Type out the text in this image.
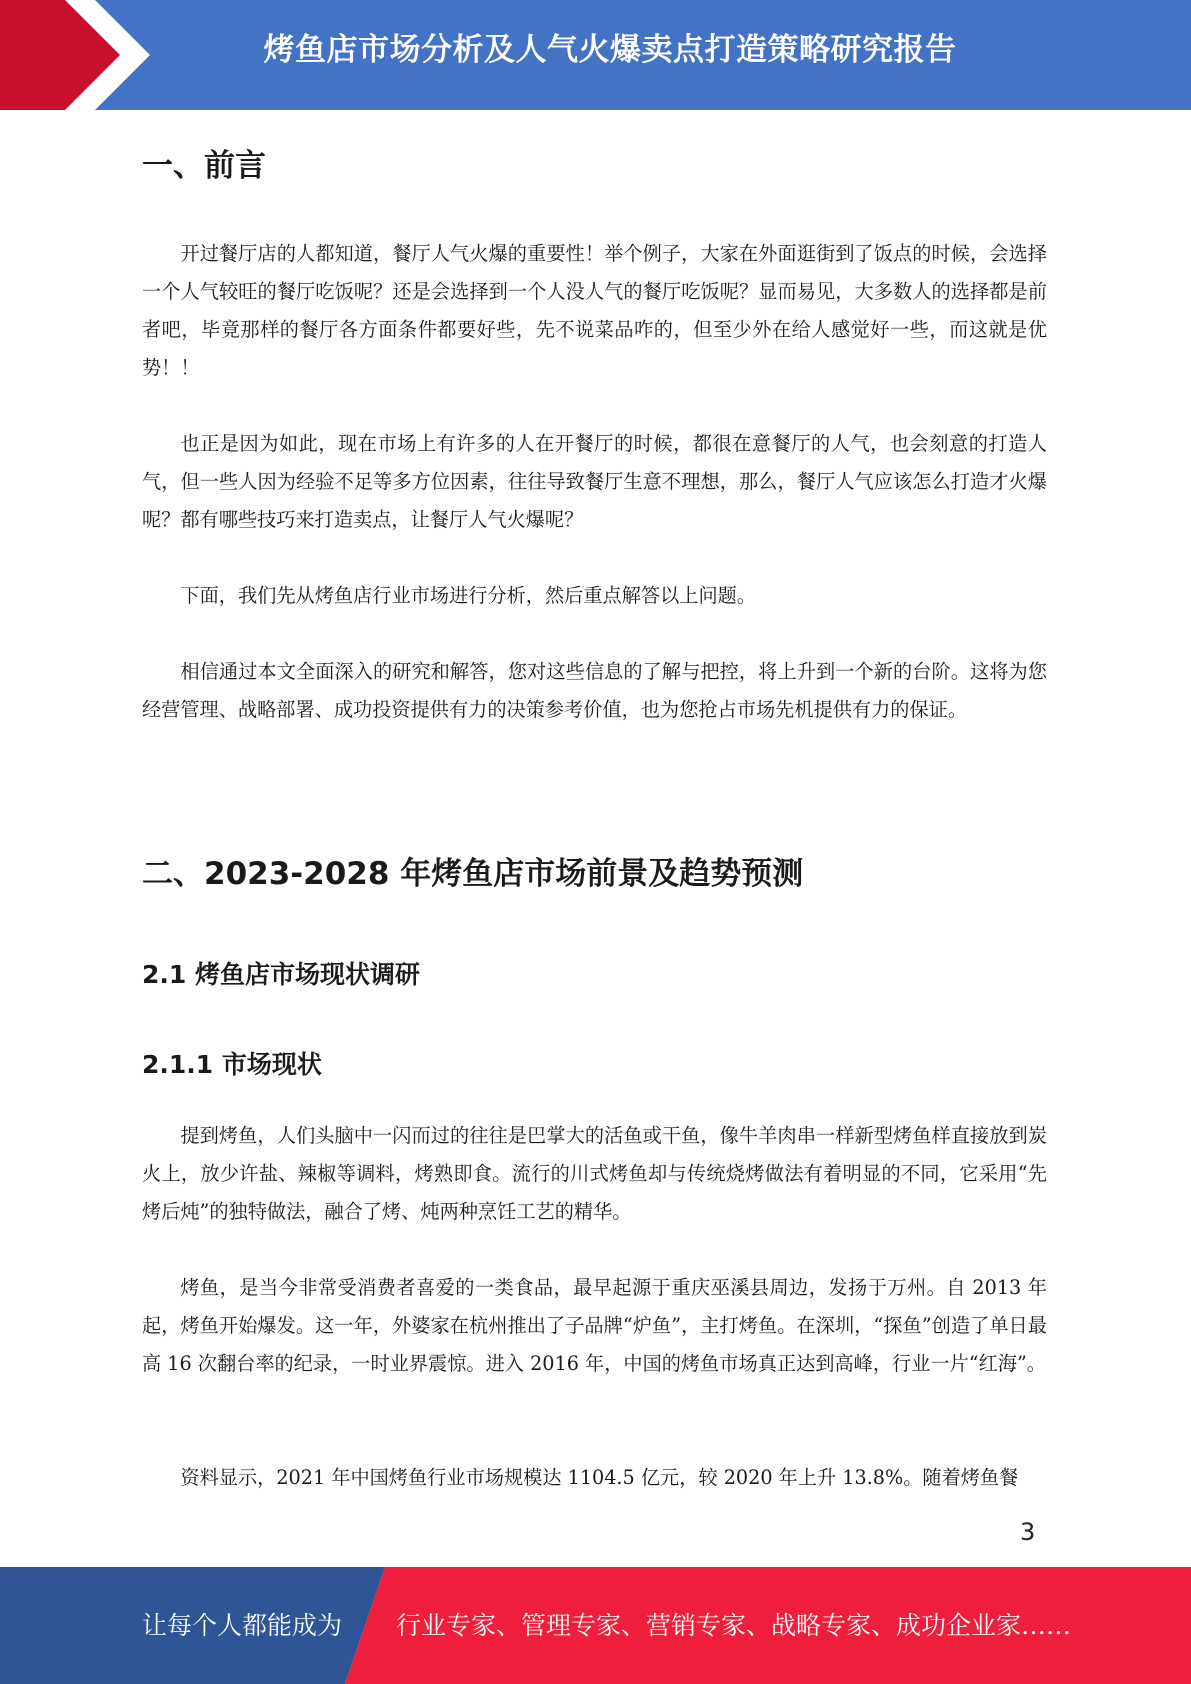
烤鱼店市场分析及人气火爆卖点打造策略研究报告
一、前言

开过餐厅店的人都知道，餐厅人气火爆的重要性！举个例子，大家在外面逛街到了饭点的时候，会选择一个人气较旺的餐厅吃饭呢？还是会选择到一个人没人气的餐厅吃饭呢？显而易见，大多数人的选择都是前者吧，毕竟那样的餐厅各方面条件都要好些，先不说菜品咋的，但至少外在给人感觉好一些，而这就是优势！！

也正是因为如此，现在市场上有许多的人在开餐厅的时候，都很在意餐厅的人气，也会刻意的打造人气，但一些人因为经验不足等多方位因素，往往导致餐厅生意不理想，那么，餐厅人气应该怎么打造才火爆呢？都有哪些技巧来打造卖点，让餐厅人气火爆呢？

下面，我们先从烤鱼店行业市场进行分析，然后重点解答以上问题。

相信通过本文全面深入的研究和解答，您对这些信息的了解与把控，将上升到一个新的台阶。这将为您经营管理、战略部署、成功投资提供有力的决策参考价值，也为您抢占市场先机提供有力的保证。

二、2023-2028 年烤鱼店市场前景及趋势预测
2.1 烤鱼店市场现状调研
2.1.1 市场现状

提到烤鱼，人们头脑中一闪而过的往往是巴掌大的活鱼或干鱼，像牛羊肉串一样新型烤鱼样直接放到炭火上，放少许盐、辣椒等调料，烤熟即食。流行的川式烤鱼却与传统烧烤做法有着明显的不同，它采用“先烤后炖”的独特做法，融合了烤、炖两种烹饪工艺的精华。

烤鱼，是当今非常受消费者喜爱的一类食品，最早起源于重庆巫溪县周边，发扬于万州。自 2013 年起，烤鱼开始爆发。这一年，外婆家在杭州推出了子品牌“炉鱼”，主打烤鱼。在深圳，“探鱼”创造了单日最高 16 次翻台率的纪录，一时业界震惊。进入 2016 年，中国的烤鱼市场真正达到高峰，行业一片“红海”。

资料显示，2021 年中国烤鱼行业市场规模达 1104.5 亿元，较 2020 年上升 13.8%。随着烤鱼餐

3
让每个人都能成为 行业专家、管理专家、营销专家、战略专家、成功企业家……
